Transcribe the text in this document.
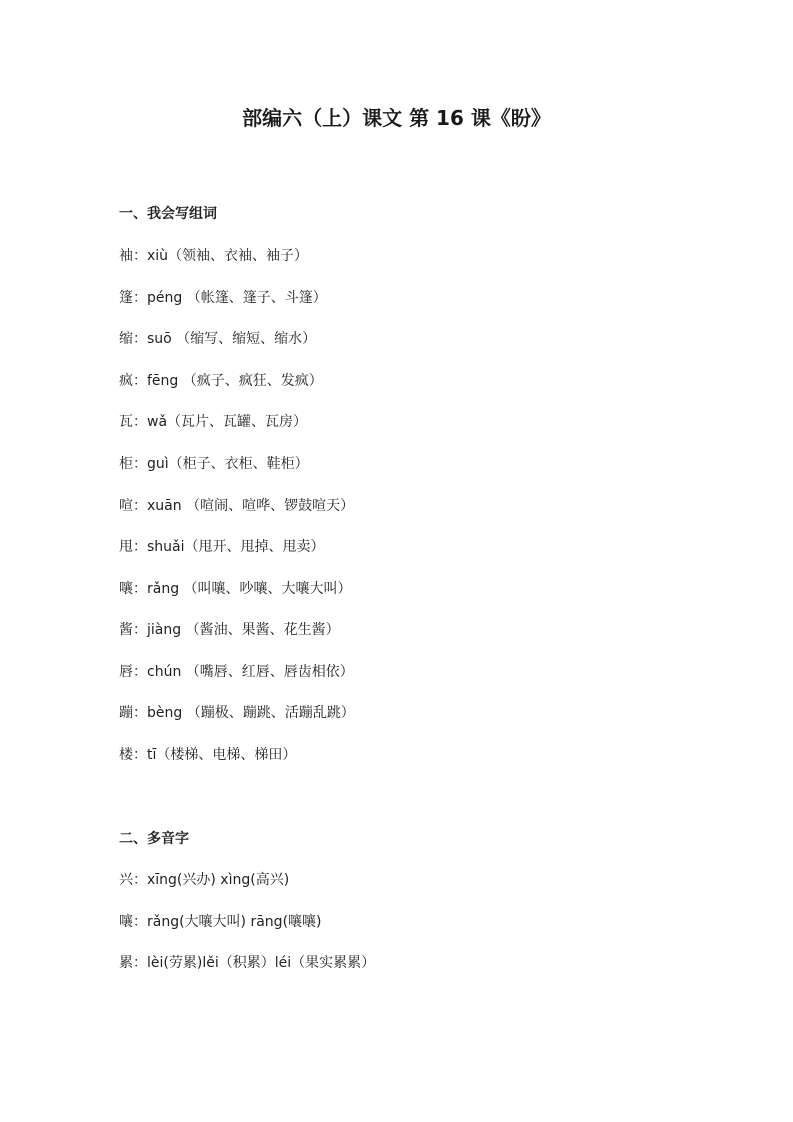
部编六（上）课文 第 16 课《盼》
一、我会写组词
袖：xiù（领袖、衣袖、袖子）
篷：péng （帐篷、篷子、斗篷）
缩：suō （缩写、缩短、缩水）
疯：fēng （疯子、疯狂、发疯）
瓦：wǎ（瓦片、瓦罐、瓦房）
柜：guì（柜子、衣柜、鞋柜）
喧：xuān （喧闹、喧哗、锣鼓喧天）
甩：shuǎi（甩开、甩掉、甩卖）
嚷：rǎng （叫嚷、吵嚷、大嚷大叫）
酱：jiàng （酱油、果酱、花生酱）
唇：chún （嘴唇、红唇、唇齿相依）
蹦：bèng （蹦极、蹦跳、活蹦乱跳）
楼：tī（楼梯、电梯、梯田）
二、多音字
兴：xīng(兴办) xìng(高兴)
嚷：rǎng(大嚷大叫) rāng(嚷嚷)
累：lèi(劳累)lěi（积累）léi（果实累累）
